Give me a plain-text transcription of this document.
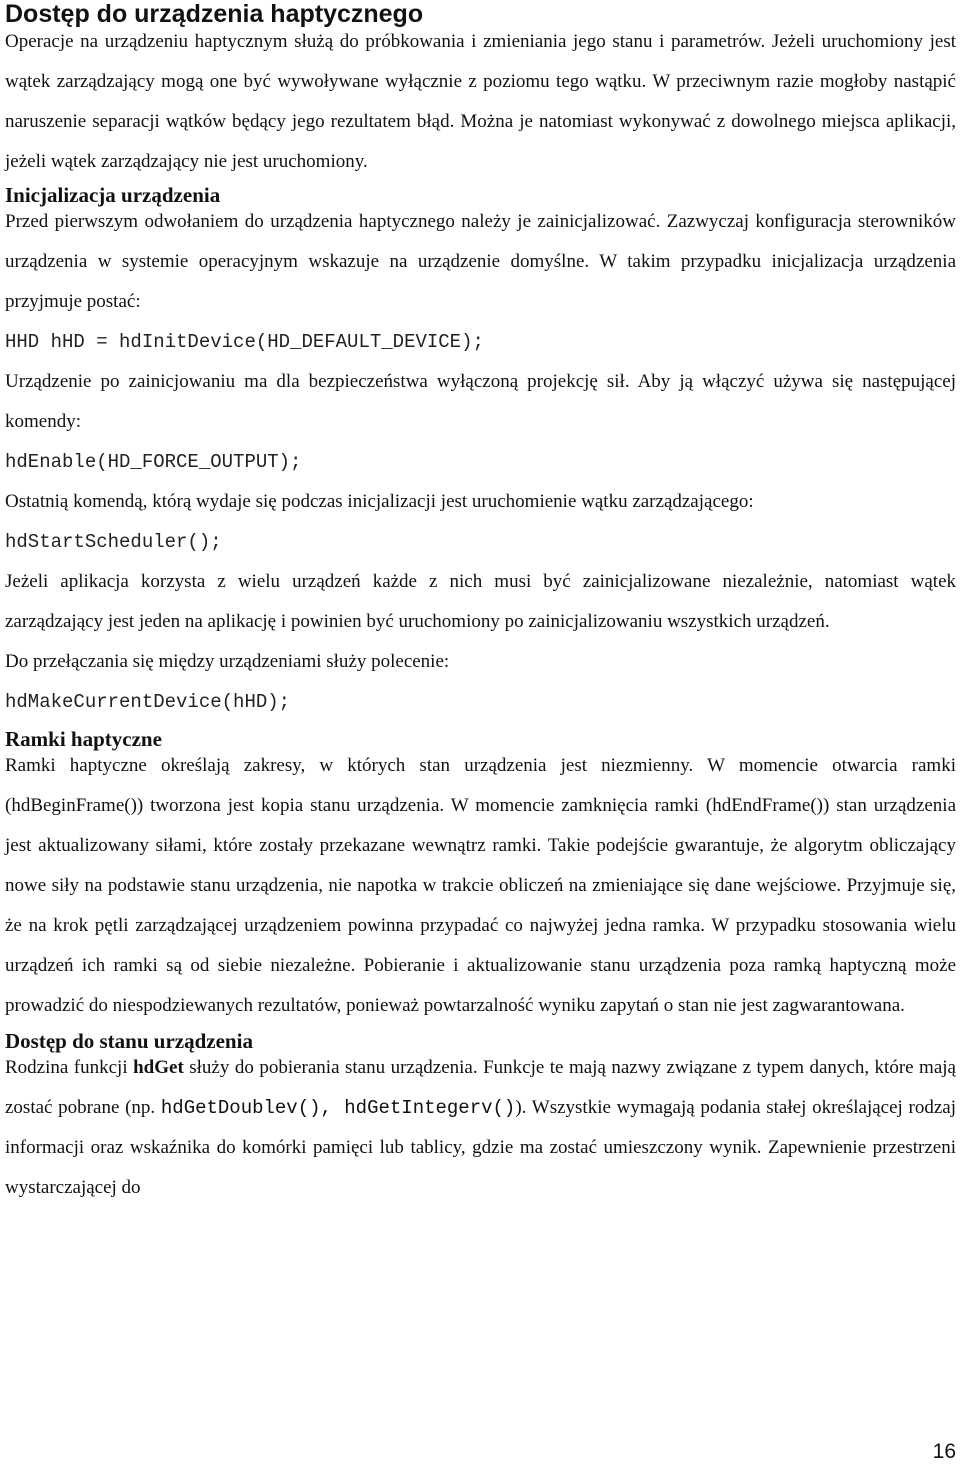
Dostęp do urządzenia haptycznego

Operacje na urządzeniu haptycznym służą do próbkowania i zmieniania jego stanu i parametrów. Jeżeli uruchomiony jest wątek zarządzający mogą one być wywoływane wyłącznie z poziomu tego wątku. W przeciwnym razie mogłoby nastąpić naruszenie separacji wątków będący jego rezultatem błąd. Można je natomiast wykonywać z dowolnego miejsca aplikacji, jeżeli wątek zarządzający nie jest uruchomiony.

Inicjalizacja urządzenia

Przed pierwszym odwołaniem do urządzenia haptycznego należy je zainicjalizować. Zazwyczaj konfiguracja sterowników urządzenia w systemie operacyjnym wskazuje na urządzenie domyślne. W takim przypadku inicjalizacja urządzenia przyjmuje postać:

HHD hHD = hdInitDevice(HD_DEFAULT_DEVICE);

Urządzenie po zainicjowaniu ma dla bezpieczeństwa wyłączoną projekcję sił. Aby ją włączyć używa się następującej komendy:

hdEnable(HD_FORCE_OUTPUT);

Ostatnią komendą, którą wydaje się podczas inicjalizacji jest uruchomienie wątku zarządzającego:

hdStartScheduler();

Jeżeli aplikacja korzysta z wielu urządzeń każde z nich musi być zainicjalizowane niezależnie, natomiast wątek zarządzający jest jeden na aplikację i powinien być uruchomiony po zainicjalizowaniu wszystkich urządzeń.

Do przełączania się między urządzeniami służy polecenie:

hdMakeCurrentDevice(hHD);

Ramki haptyczne

Ramki haptyczne określają zakresy, w których stan urządzenia jest niezmienny. W momencie otwarcia ramki (hdBeginFrame()) tworzona jest kopia stanu urządzenia. W momencie zamknięcia ramki (hdEndFrame()) stan urządzenia jest aktualizowany siłami, które zostały przekazane wewnątrz ramki. Takie podejście gwarantuje, że algorytm obliczający nowe siły na podstawie stanu urządzenia, nie napotka w trakcie obliczeń na zmieniające się dane wejściowe. Przyjmuje się, że na krok pętli zarządzającej urządzeniem powinna przypadać co najwyżej jedna ramka. W przypadku stosowania wielu urządzeń ich ramki są od siebie niezależne. Pobieranie i aktualizowanie stanu urządzenia poza ramką haptyczną może prowadzić do niespodziewanych rezultatów, ponieważ powtarzalność wyniku zapytań o stan nie jest zagwarantowana.

Dostęp do stanu urządzenia

Rodzina funkcji hdGet służy do pobierania stanu urządzenia. Funkcje te mają nazwy związane z typem danych, które mają zostać pobrane (np. hdGetDoublev(), hdGetIntegerv()). Wszystkie wymagają podania stałej określającej rodzaj informacji oraz wskaźnika do komórki pamięci lub tablicy, gdzie ma zostać umieszczony wynik. Zapewnienie przestrzeni wystarczającej do

16
